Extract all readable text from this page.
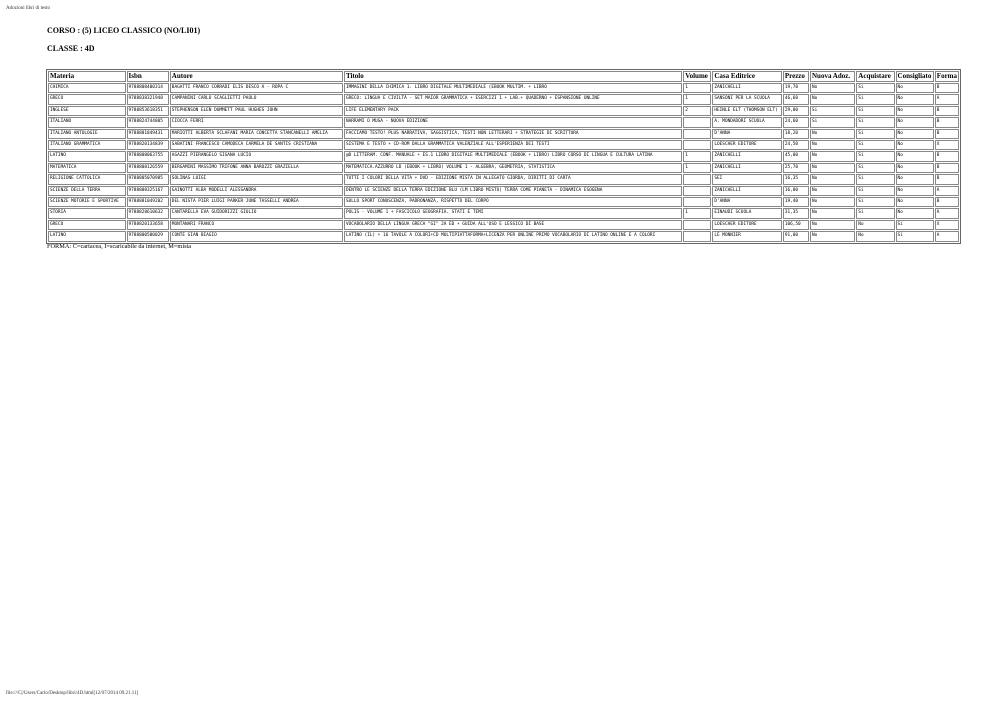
Adozioni libri di testo
CORSO : (5) LICEO CLASSICO (NO/LI01)
CLASSE : 4D
Materia	Isbn	Autore	Titolo	Volume	Casa Editrice	Prezzo	Nuova Adoz.	Acquistare	Consigliato	Forma
CHIMICA	9788808400314	BAGATTI FRANCO CORRADI ELIS DESCO A - ROPA C	IMMAGINI DELLA CHIMICA 1. LIBRO DIGITALE MULTIMEDIALE (EBOOK MULTIM. + LIBRO	1	ZANICHELLI	19,70	No	Si	No	B
GRECO	9788838321948	CAMPANINI CARLO SCAGLIETTI PAOLO	GRECO: LINGUA E CIVILTÀ - SET MAIOR GRAMMATICA + ESERCIZI 1 + LAB.+ QUADERNO + ESPANSIONE ONLINE	1	SANSONI PER LA SCUOLA	46,60	No	Si	No	A
INGLESE	9788853618351	STEPHENSON ELEN DUMMETT PAUL HUGHES JOHN	LIFE ELEMENTARY PACK	2	HEINLE ELT (THOMSON ELT)	29,00	Si	Si	No	B
ITALIANO	9788824744805	CIOCCA FERRI	NARRAMI O MUSA - NUOVA EDIZIONE		A. MONDADORI SCUOLA	24,60	Si	Si	No	B
ITALIANO ANTOLOGIE	9788881849431	MARIOTTI ALBERTA SCLAFANI MARIA CONCETTA STANCANELLI AMELIA	FACCIAMO TESTO! PLUS NARRATIVA, SAGGISTICA, TESTI NON LETTERARI + STRATEGIE DI SCRITTURA		D'ANNA	18,20	No	Si	No	B
ITALIANO GRAMMATICA	9788820134839	SABATINI FRANCESCO CAMODECA CARMELA DE SANTIS CRISTIANA	SISTEMA E TESTO + CD-ROM DALLA GRAMMATICA VALENZIALE ALL'ESPERIENZA DEI TESTI		LOESCHER EDITORE	24,50	No	Si	No	X
LATINO	9788808063755	AGAZZI PIERANGELO SISANA LUCIO	@D LITTERAM. CONF. MANUALE + ES.1 LIBRO DIGITALE MULTIMEDIALE (EBOOK + LIBRO) LIBRO CORSO DI LINGUA E CULTURA LATINA	1	ZANICHELLI	45,00	No	Si	No	B
MATEMATICA	9788808126559	BERGAMINI MASSIMO TRIFONE ANNA BAROZZI GRAZIELLA	MATEMATICA.AZZURRO LD (EBOOK + LIBRO) VOLUME 1 - ALGEBRA, GEOMETRIA, STATISTICA	1	ZANICHELLI	25,70	No	Si	No	B
RELIGIONE CATTOLICA	9788805070985	SOLINAS LUIGI	TUTTI I COLORI DELLA VITA + DVD - EDIZIONE MISTA IN ALLEGATO GIORDA, DIRITTI DI CARTA		SEI	16,35	No	Si	No	B
SCIENZE DELLA TERRA	9788808325167	GAINOTTI ALBA MODELLI ALESSANDRA	DENTRO LE SCIENZE DELLA TERRA EDIZIONE BLU (LM LIBRO MISTO) TERRA COME PIANETA - DINAMICA ESOGENA		ZANICHELLI	16,00	No	Si	No	A
SCIENZE MOTORIE E SPORTIVE	9788881049202	DEL NISTA PIER LUIGI PARKER JUNE TASSELLI ANDREA	SULLO SPORT CONOSCENZA, PADRONANZA, RISPETTO DEL CORPO		D'ANNA	19,40	No	Si	No	B
STORIA	9788828610632	CANTARELLA EVA GUIDORIZZI GIULIO	POLIS - VOLUME 1 + FASCICOLO GEOGRAFIA. STATI E TEMI	1	EINAUDI SCUOLA	31,35	No	Si	No	A
GRECO	9788820133658	MONTANARI FRANCO	VOCABOLARIO DELLA LINGUA GRECA "GI" 2A ED + GUIDA ALL'USO E LESSICO DI BASE		LOESCHER EDITORE	106,50	No	No	Si	X
LATINO	9788800500029	CONTE GIAN BIAGIO	LATINO (IL) + 16 TAVOLE A COLORI+CD MULTIPIATTAFORMA+LICENZA PER ONLINE PRIMO VOCABOLARIO DI LATINO ONLINE E A COLORI		LE MONNIER	91,00	No	No	Si	A
FORMA: C=cartacea, I=scaricabile da internet, M=mista
file:///C|/Users/Carlo/Desktop/libri/4D.html[12/07/2014 09.21.11]
